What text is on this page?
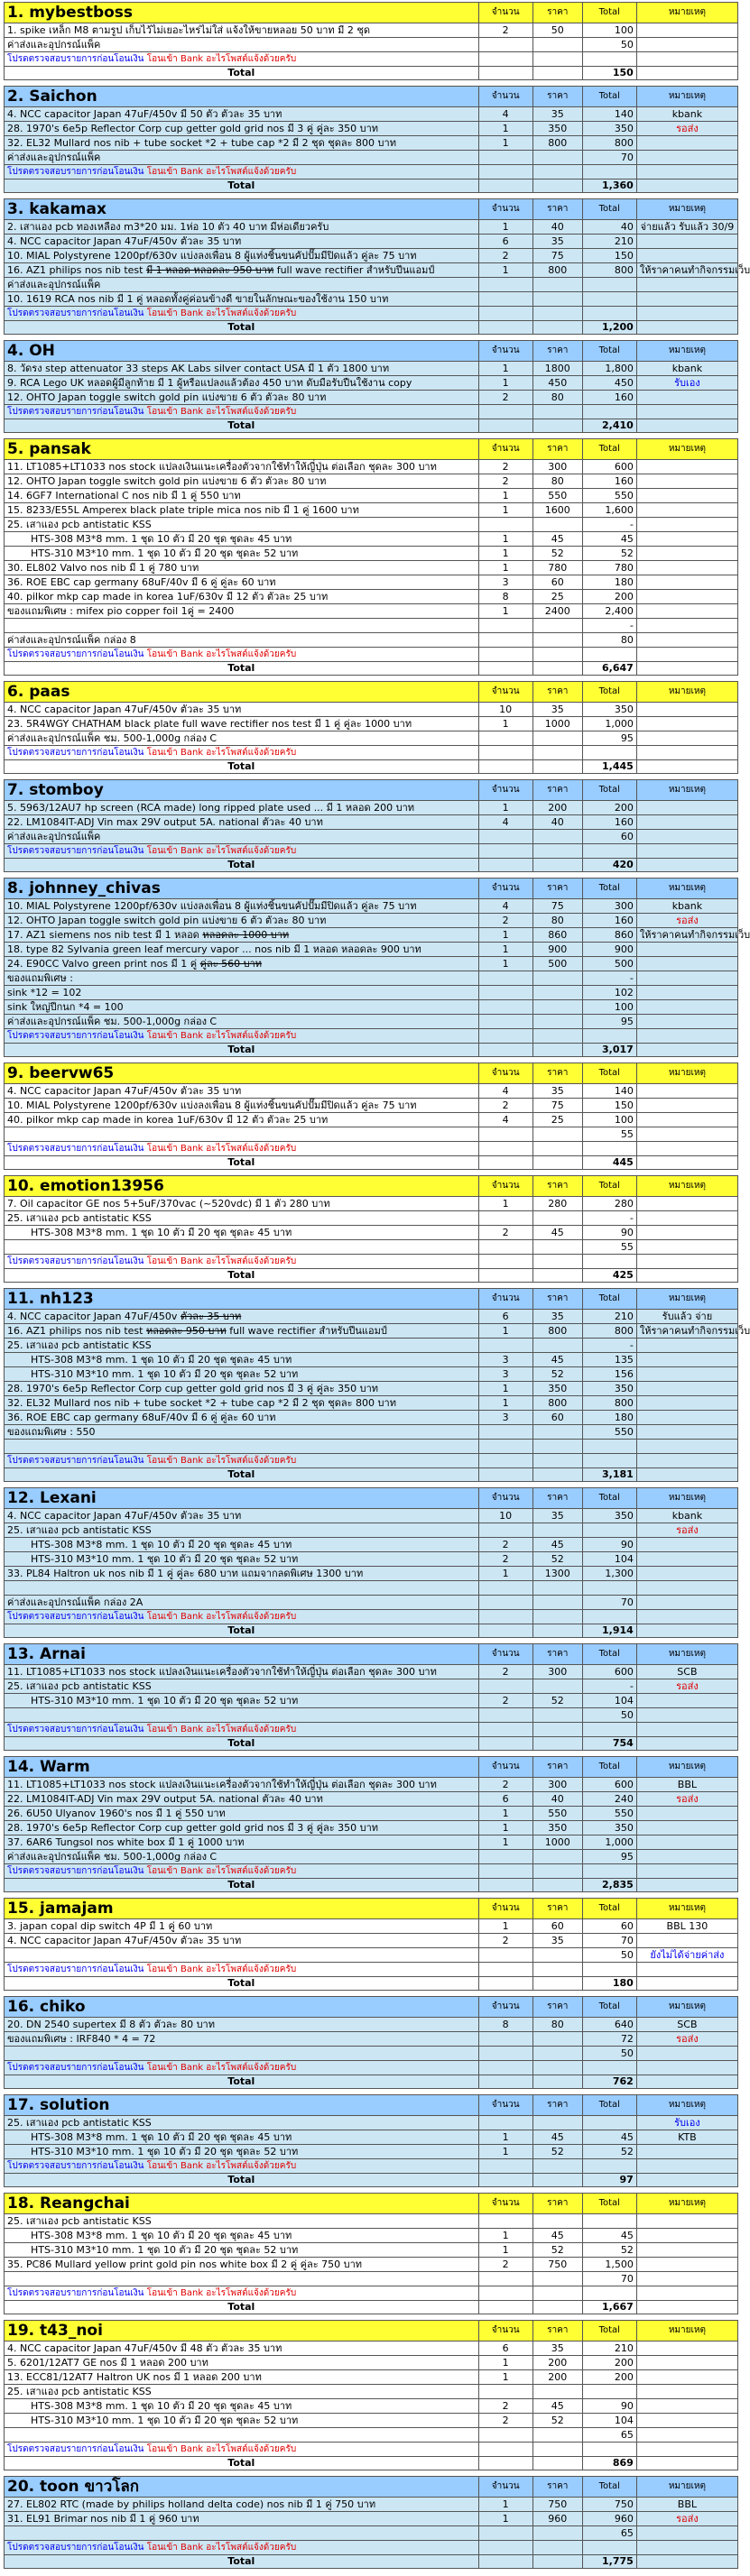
1. mybestboss	จำนวน	ราคา	Total	หมายเหตุ
1. spike เหล็ก M8 ตามรูป เก็บไว้ไม่เยอะไหร่ไม่ใส่ แจ้งให้ขายหลอย 50 บาท มี 2 ชุด	2	50	100	
ค่าส่งและอุปกรณ์แพ็ค			50	
โปรดตรวจสอบรายการก่อนโอนเงิน โอนเข้า Bank อะไรโพสต์แจ้งด้วยครับ				
Total			150	
2. Saichon	จำนวน	ราคา	Total	หมายเหตุ
4. NCC capacitor Japan 47uF/450v มี 50 ตัว ตัวละ 35 บาท	4	35	140	kbank
28. 1970's 6e5p Reflector Corp cup getter gold grid nos มี 3 คู่ คู่ละ 350 บาท	1	350	350	รอส่ง
32. EL32 Mullard nos nib + tube socket *2 + tube cap *2 มี 2 ชุด ชุดละ 800 บาท	1	800	800	
ค่าส่งและอุปกรณ์แพ็ค			70	
โปรดตรวจสอบรายการก่อนโอนเงิน โอนเข้า Bank อะไรโพสต์แจ้งด้วยครับ				
Total			1,360	
3. kakamax	จำนวน	ราคา	Total	หมายเหตุ
2. เสาแอง pcb ทองเหลือง m3*20 มม. 1ห่อ 10 ตัว 40 บาท มีห่อเดียวครับ	1	40	40	จ่ายแล้ว รับแล้ว 30/9
4. NCC capacitor Japan 47uF/450v ตัวละ 35 บาท	6	35	210	
10. MIAL Polystyrene 1200pf/630v แบ่งลงเพื่อน 8 ผู้แท่งชิ้นขนคัปปั๊มมีปิดแล้ว คู่ละ 75 บาท	2	75	150	
16. AZ1 philips nos nib test มี 1 หลอด หลอดละ 950 บาท full wave rectifier สำหรับปีนแอมป์	1	800	800	ให้ราคาคนทำกิจกรรมเว็บ
ค่าส่งและอุปกรณ์แพ็ค				
10. 1619 RCA nos nib มี 1 คู่ หลอดทั้งคู่ค่อนข้างดี ขายในลักษณะของใช้งาน 150 บาท				
โปรดตรวจสอบรายการก่อนโอนเงิน โอนเข้า Bank อะไรโพสต์แจ้งด้วยครับ				
Total			1,200	
4. OH	จำนวน	ราคา	Total	หมายเหตุ
8. วัดรง step attenuator 33 steps AK Labs silver contact USA มี 1 ตัว 1800 บาท	1	1800	1,800	kbank
9. RCA Lego UK หลอดผู้มีลูกท้าย มี 1 ผู้หรือแปลงแล้วต้อง 450 บาท ดับมือรับปืนใช้งาน copy	1	450	450	รับเอง
12. OHTO Japan toggle switch gold pin แบ่งขาย 6 ตัว ตัวละ 80 บาท	2	80	160	
โปรดตรวจสอบรายการก่อนโอนเงิน โอนเข้า Bank อะไรโพสต์แจ้งด้วยครับ				
Total			2,410	
5. pansak	จำนวน	ราคา	Total	หมายเหตุ
11. LT1085+LT1033 nos stock แปลงเงินแนะเครื่องตัวจากใช้ทำให้ญี่ปุ่น ต่อเลือก ชุดละ 300 บาท	2	300	600	
12. OHTO Japan toggle switch gold pin แบ่งขาย 6 ตัว ตัวละ 80 บาท	2	80	160	
14. 6GF7 International C nos nib มี 1 คู่ 550 บาท	1	550	550	
15. 8233/E55L Amperex black plate triple mica nos nib มี 1 คู่ 1600 บาท	1	1600	1,600	
25. เสาแอง pcb antistatic KSS			-	
HTS-308 M3*8 mm. 1 ชุด 10 ตัว มี 20 ชุด ชุดละ 45 บาท	1	45	45	
HTS-310 M3*10 mm. 1 ชุด 10 ตัว มี 20 ชุด ชุดละ 52 บาท	1	52	52	
30. EL802 Valvo nos nib มี 1 คู่ 780 บาท	1	780	780	
36. ROE EBC cap germany 68uF/40v มี 6 คู่ คู่ละ 60 บาท	3	60	180	
40. pilkor mkp cap made in korea 1uF/630v มี 12 ตัว ตัวละ 25 บาท	8	25	200	
ของแถมพิเศษ : mifex pio copper foil 1คู่ = 2400	1	2400	2,400	
			-	
ค่าส่งและอุปกรณ์แพ็ค กล่อง 8			80	
โปรดตรวจสอบรายการก่อนโอนเงิน โอนเข้า Bank อะไรโพสต์แจ้งด้วยครับ				
Total			6,647	
6. paas	จำนวน	ราคา	Total	หมายเหตุ
4. NCC capacitor Japan 47uF/450v ตัวละ 35 บาท	10	35	350	
23. 5R4WGY CHATHAM black plate full wave rectifier nos test มี 1 คู่ คู่ละ 1000 บาท	1	1000	1,000	
ค่าส่งและอุปกรณ์แพ็ค ชม. 500-1,000g กล่อง C			95	
โปรดตรวจสอบรายการก่อนโอนเงิน โอนเข้า Bank อะไรโพสต์แจ้งด้วยครับ				
Total			1,445	
7. stomboy	จำนวน	ราคา	Total	หมายเหตุ
5. 5963/12AU7 hp screen (RCA made) long ripped plate used ... มี 1 หลอด 200 บาท	1	200	200	
22. LM1084IT-ADJ Vin max 29V output 5A. national ตัวละ 40 บาท	4	40	160	
ค่าส่งและอุปกรณ์แพ็ค			60	
โปรดตรวจสอบรายการก่อนโอนเงิน โอนเข้า Bank อะไรโพสต์แจ้งด้วยครับ				
Total			420	
8. johnney_chivas	จำนวน	ราคา	Total	หมายเหตุ
10. MIAL Polystyrene 1200pf/630v แบ่งลงเพื่อน 8 ผู้แท่งชิ้นขนคัปปั๊มมีปิดแล้ว คู่ละ 75 บาท	4	75	300	kbank
12. OHTO Japan toggle switch gold pin แบ่งขาย 6 ตัว ตัวละ 80 บาท	2	80	160	รอส่ง
17. AZ1 siemens nos nib test มี 1 หลอด หลอดละ 1000 บาท	1	860	860	ให้ราคาคนทำกิจกรรมเว็บ
18. type 82 Sylvania green leaf mercury vapor ... nos nib มี 1 หลอด หลอดละ 900 บาท	1	900	900	
24. E90CC Valvo green print nos มี 1 คู่ คู่ละ 560 บาท	1	500	500	
ของแถมพิเศษ :			-	
sink *12 = 102			102	
sink ใหญ่ปีกนก *4 = 100			100	
ค่าส่งและอุปกรณ์แพ็ค ชม. 500-1,000g กล่อง C			95	
โปรดตรวจสอบรายการก่อนโอนเงิน โอนเข้า Bank อะไรโพสต์แจ้งด้วยครับ				
Total			3,017	
9. beervw65	จำนวน	ราคา	Total	หมายเหตุ
4. NCC capacitor Japan 47uF/450v ตัวละ 35 บาท	4	35	140	
10. MIAL Polystyrene 1200pf/630v แบ่งลงเพื่อน 8 ผู้แท่งชิ้นขนคัปปั๊มมีปิดแล้ว คู่ละ 75 บาท	2	75	150	
40. pilkor mkp cap made in korea 1uF/630v มี 12 ตัว ตัวละ 25 บาท	4	25	100	
			55	
โปรดตรวจสอบรายการก่อนโอนเงิน โอนเข้า Bank อะไรโพสต์แจ้งด้วยครับ				
Total			445	
10. emotion13956	จำนวน	ราคา	Total	หมายเหตุ
7. Oil capacitor GE nos 5+5uF/370vac (~520vdc) มี 1 ตัว 280 บาท	1	280	280	
25. เสาแอง pcb antistatic KSS			-	
HTS-308 M3*8 mm. 1 ชุด 10 ตัว มี 20 ชุด ชุดละ 45 บาท	2	45	90	
			55	
โปรดตรวจสอบรายการก่อนโอนเงิน โอนเข้า Bank อะไรโพสต์แจ้งด้วยครับ				
Total			425	
11. nh123	จำนวน	ราคา	Total	หมายเหตุ
4. NCC capacitor Japan 47uF/450v ตัวละ 35 บาท	6	35	210	รับแล้ว จ่าย
16. AZ1 philips nos nib test หลอดละ 950 บาท full wave rectifier สำหรับปีนแอมป์	1	800	800	ให้ราคาคนทำกิจกรรมเว็บ
25. เสาแอง pcb antistatic KSS			-	
HTS-308 M3*8 mm. 1 ชุด 10 ตัว มี 20 ชุด ชุดละ 45 บาท	3	45	135	
HTS-310 M3*10 mm. 1 ชุด 10 ตัว มี 20 ชุด ชุดละ 52 บาท	3	52	156	
28. 1970's 6e5p Reflector Corp cup getter gold grid nos มี 3 คู่ คู่ละ 350 บาท	1	350	350	
32. EL32 Mullard nos nib + tube socket *2 + tube cap *2 มี 2 ชุด ชุดละ 800 บาท	1	800	800	
36. ROE EBC cap germany 68uF/40v มี 6 คู่ คู่ละ 60 บาท	3	60	180	
ของแถมพิเศษ : 550			550	

โปรดตรวจสอบรายการก่อนโอนเงิน โอนเข้า Bank อะไรโพสต์แจ้งด้วยครับ				
Total			3,181	
12. Lexani	จำนวน	ราคา	Total	หมายเหตุ
4. NCC capacitor Japan 47uF/450v ตัวละ 35 บาท	10	35	350	kbank
25. เสาแอง pcb antistatic KSS				รอส่ง
HTS-308 M3*8 mm. 1 ชุด 10 ตัว มี 20 ชุด ชุดละ 45 บาท	2	45	90	
HTS-310 M3*10 mm. 1 ชุด 10 ตัว มี 20 ชุด ชุดละ 52 บาท	2	52	104	
33. PL84 Haltron uk nos nib มี 1 คู่ คู่ละ 680 บาท แถมจากลดพิเศษ 1300 บาท	1	1300	1,300	

ค่าส่งและอุปกรณ์แพ็ค กล่อง 2A			70	
โปรดตรวจสอบรายการก่อนโอนเงิน โอนเข้า Bank อะไรโพสต์แจ้งด้วยครับ				
Total			1,914	
13. Arnai	จำนวน	ราคา	Total	หมายเหตุ
11. LT1085+LT1033 nos stock แปลงเงินแนะเครื่องตัวจากใช้ทำให้ญี่ปุ่น ต่อเลือก ชุดละ 300 บาท	2	300	600	SCB
25. เสาแอง pcb antistatic KSS			-	รอส่ง
HTS-310 M3*10 mm. 1 ชุด 10 ตัว มี 20 ชุด ชุดละ 52 บาท	2	52	104	
			50	
โปรดตรวจสอบรายการก่อนโอนเงิน โอนเข้า Bank อะไรโพสต์แจ้งด้วยครับ				
Total			754	
14. Warm	จำนวน	ราคา	Total	หมายเหตุ
11. LT1085+LT1033 nos stock แปลงเงินแนะเครื่องตัวจากใช้ทำให้ญี่ปุ่น ต่อเลือก ชุดละ 300 บาท	2	300	600	BBL
22. LM1084IT-ADJ Vin max 29V output 5A. national ตัวละ 40 บาท	6	40	240	รอส่ง
26. 6U50 Ulyanov 1960's nos มี 1 คู่ 550 บาท	1	550	550	
28. 1970's 6e5p Reflector Corp cup getter gold grid nos มี 3 คู่ คู่ละ 350 บาท	1	350	350	
37. 6AR6 Tungsol nos white box มี 1 คู่ 1000 บาท	1	1000	1,000	
ค่าส่งและอุปกรณ์แพ็ค ชม. 500-1,000g กล่อง C			95	
โปรดตรวจสอบรายการก่อนโอนเงิน โอนเข้า Bank อะไรโพสต์แจ้งด้วยครับ				
Total			2,835	
15. jamajam	จำนวน	ราคา	Total	หมายเหตุ
3. japan copal dip switch 4P มี 1 คู่ 60 บาท	1	60	60	BBL 130
4. NCC capacitor Japan 47uF/450v ตัวละ 35 บาท	2	35	70	
			50	ยังไม่ได้จ่ายค่าส่ง
โปรดตรวจสอบรายการก่อนโอนเงิน โอนเข้า Bank อะไรโพสต์แจ้งด้วยครับ				
Total			180	
16. chiko	จำนวน	ราคา	Total	หมายเหตุ
20. DN 2540 supertex มี 8 ตัว ตัวละ 80 บาท	8	80	640	SCB
ของแถมพิเศษ : IRF840 * 4 = 72			72	รอส่ง
			50	
โปรดตรวจสอบรายการก่อนโอนเงิน โอนเข้า Bank อะไรโพสต์แจ้งด้วยครับ				
Total			762	
17. solution	จำนวน	ราคา	Total	หมายเหตุ
25. เสาแอง pcb antistatic KSS				รับเอง
HTS-308 M3*8 mm. 1 ชุด 10 ตัว มี 20 ชุด ชุดละ 45 บาท	1	45	45	KTB
HTS-310 M3*10 mm. 1 ชุด 10 ตัว มี 20 ชุด ชุดละ 52 บาท	1	52	52	
โปรดตรวจสอบรายการก่อนโอนเงิน โอนเข้า Bank อะไรโพสต์แจ้งด้วยครับ				
Total			97	
18. Reangchai	จำนวน	ราคา	Total	หมายเหตุ
25. เสาแอง pcb antistatic KSS				
HTS-308 M3*8 mm. 1 ชุด 10 ตัว มี 20 ชุด ชุดละ 45 บาท	1	45	45	
HTS-310 M3*10 mm. 1 ชุด 10 ตัว มี 20 ชุด ชุดละ 52 บาท	1	52	52	
35. PC86 Mullard yellow print gold pin nos white box มี 2 คู่ คู่ละ 750 บาท	2	750	1,500	
			70	
โปรดตรวจสอบรายการก่อนโอนเงิน โอนเข้า Bank อะไรโพสต์แจ้งด้วยครับ				
Total			1,667	
19. t43_noi	จำนวน	ราคา	Total	หมายเหตุ
4. NCC capacitor Japan 47uF/450v มี 48 ตัว ตัวละ 35 บาท	6	35	210	
5. 6201/12AT7 GE nos มี 1 หลอด 200 บาท	1	200	200	
13. ECC81/12AT7 Haltron UK nos มี 1 หลอด 200 บาท	1	200	200	
25. เสาแอง pcb antistatic KSS				
HTS-308 M3*8 mm. 1 ชุด 10 ตัว มี 20 ชุด ชุดละ 45 บาท	2	45	90	
HTS-310 M3*10 mm. 1 ชุด 10 ตัว มี 20 ชุด ชุดละ 52 บาท	2	52	104	
			65	
โปรดตรวจสอบรายการก่อนโอนเงิน โอนเข้า Bank อะไรโพสต์แจ้งด้วยครับ				
Total			869	
20. toon ขาวโลก	จำนวน	ราคา	Total	หมายเหตุ
27. EL802 RTC (made by philips holland delta code) nos nib มี 1 คู่ 750 บาท	1	750	750	BBL
31. EL91 Brimar nos nib มี 1 คู่ 960 บาท	1	960	960	รอส่ง
			65	
โปรดตรวจสอบรายการก่อนโอนเงิน โอนเข้า Bank อะไรโพสต์แจ้งด้วยครับ				
Total			1,775	
